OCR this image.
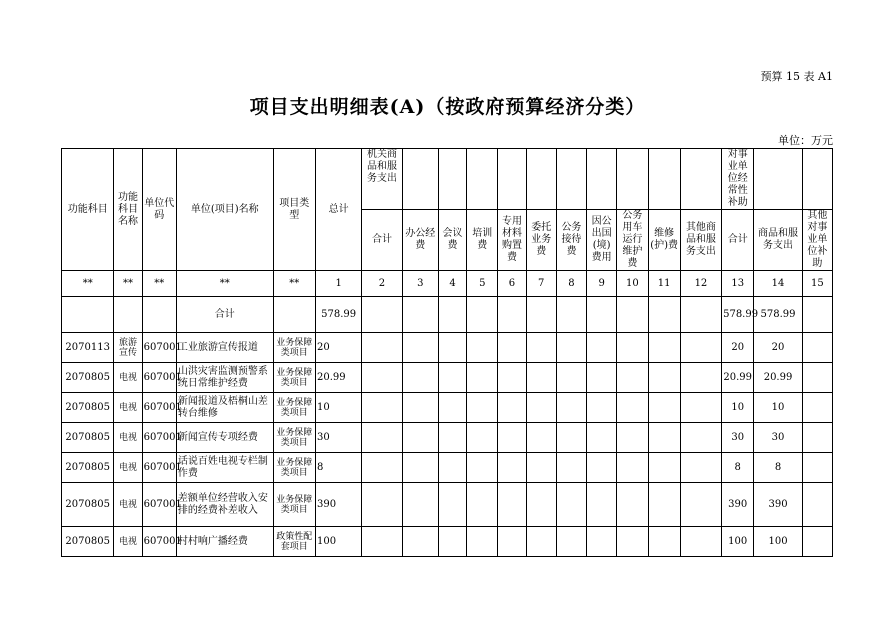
预算 15 表 A1
项目支出明细表(A)（按政府预算经济分类）
单位：万元
功能科目	功能科目名称	单位代码	单位(项目)名称	项目类型	总计	机关商品和服务支出											对事业单位经常性补助		
						合计	办公经费	会议费	培训费	专用材料购置费	委托业务费	公务接待费	因公出国(境)费用	公务用车运行维护费	维修(护)费	其他商品和服务支出	合计	商品和服务支出	其他对事业单位补助
**	**	**	**	**	1	2	3	4	5	6	7	8	9	10	11	12	13	14	15
			合计		578.99												578.99	578.99	
2070113	旅游宣传	607001	工业旅游宣传报道	业务保障类项目	20												20	20	
2070805	电视	607001	山洪灾害监测预警系统日常维护经费	业务保障类项目	20.99												20.99	20.99	
2070805	电视	607001	新闻报道及梧桐山差转台维修	业务保障类项目	10												10	10	
2070805	电视	607001	新闻宣传专项经费	业务保障类项目	30												30	30	
2070805	电视	607001	话说百姓电视专栏制作费	业务保障类项目	8												8	8	
2070805	电视	607001	差额单位经营收入安排的经费补差收入	业务保障类项目	390												390	390	
2070805	电视	607001	村村响广播经费	政策性配套项目	100												100	100	
